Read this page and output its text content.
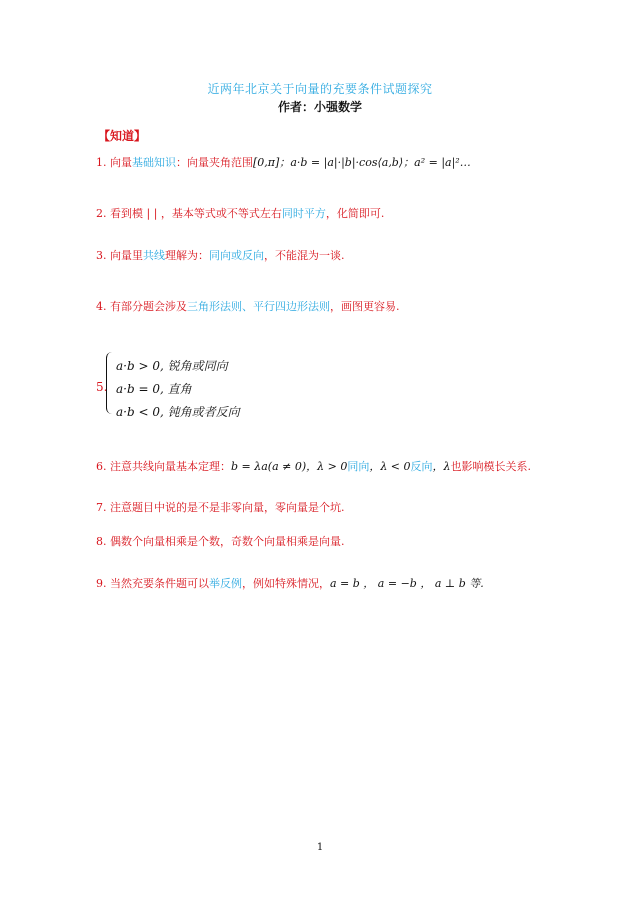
近两年北京关于向量的充要条件试题探究
作者：小强数学
【知道】
1. 向量基础知识：向量夹角范围[0,π]；a·b = |a|·|b|·cos⟨a,b⟩；a² = |a|²…
2. 看到模 | | ，基本等式或不等式左右同时平方，化简即可.
3. 向量里共线理解为：同向或反向，不能混为一谈.
4. 有部分题会涉及三角形法则、平行四边形法则，画图更容易.
5.
a·b > 0, 锐角或同向
a·b = 0, 直角
a·b < 0, 钝角或者反向
6. 注意共线向量基本定理：b = λa(a ≠ 0)，λ > 0同向，λ < 0反向，λ也影响模长关系.
7. 注意题目中说的是不是非零向量，零向量是个坑.
8. 偶数个向量相乘是个数，奇数个向量相乘是向量.
9. 当然充要条件题可以举反例，例如特殊情况，a = b ， a = −b ， a ⊥ b 等.
1
